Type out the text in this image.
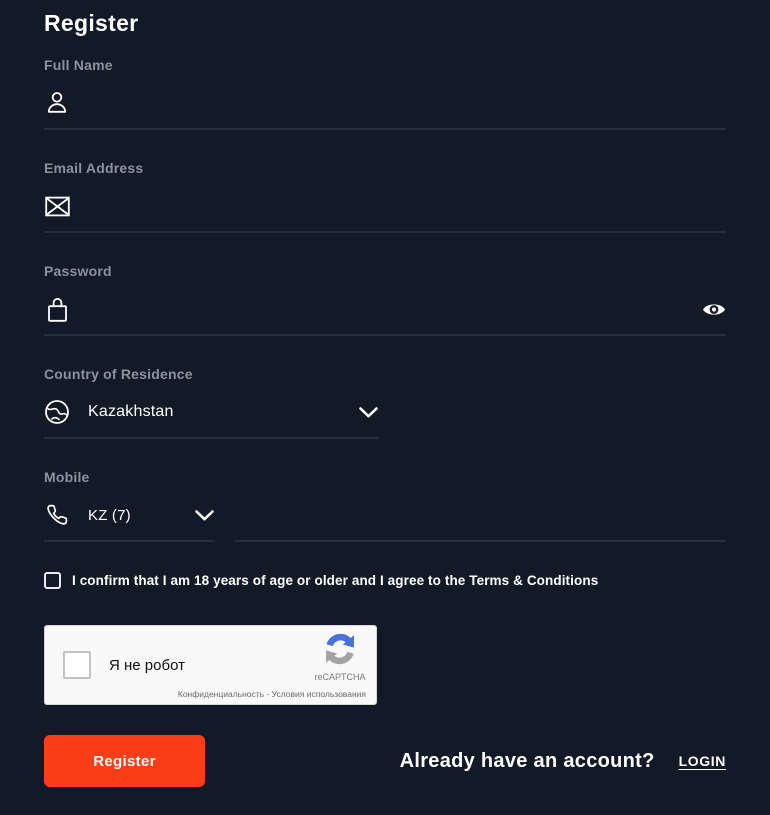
Register
Full Name
Email Address
Password
Country of Residence
Kazakhstan
Mobile
KZ (7)
I confirm that I am 18 years of age or older and I agree to the Terms & Conditions
Я не робот
reCAPTCHA
Конфиденциальность - Условия использования
Register	Already have an account? LOGIN
